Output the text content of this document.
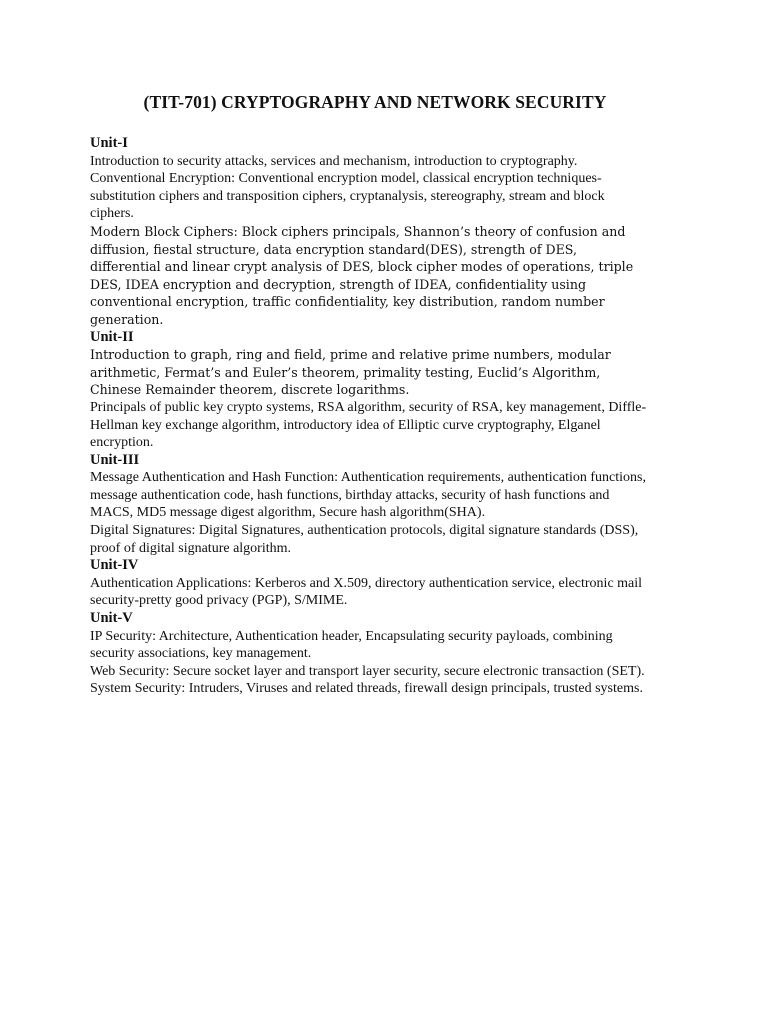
(TIT-701) CRYPTOGRAPHY AND NETWORK SECURITY
Unit-I
Introduction to security attacks, services and mechanism, introduction to cryptography.
Conventional Encryption: Conventional encryption model, classical encryption techniques- substitution ciphers and transposition ciphers, cryptanalysis, stereography, stream and block ciphers.
Modern Block Ciphers: Block ciphers principals, Shannon’s theory of confusion and diffusion, fiestal structure, data encryption standard(DES), strength of DES, differential and linear crypt analysis of DES, block cipher modes of operations, triple DES, IDEA encryption and decryption, strength of IDEA, confidentiality using conventional encryption, traffic confidentiality, key distribution, random number generation.
Unit-II
Introduction to graph, ring and field, prime and relative prime numbers, modular arithmetic, Fermat’s and Euler’s theorem, primality testing, Euclid’s Algorithm, Chinese Remainder theorem, discrete logarithms.
Principals of public key crypto systems, RSA algorithm, security of RSA, key management, Diffle-Hellman key exchange algorithm, introductory idea of Elliptic curve cryptography, Elganel encryption.
Unit-III
Message Authentication and Hash Function: Authentication requirements, authentication functions, message authentication code, hash functions, birthday attacks, security of hash functions and MACS, MD5 message digest algorithm, Secure hash algorithm(SHA).
Digital Signatures: Digital Signatures, authentication protocols, digital signature standards (DSS), proof of digital signature algorithm.
Unit-IV
Authentication Applications: Kerberos and X.509, directory authentication service, electronic mail security-pretty good privacy (PGP), S/MIME.
Unit-V
IP Security: Architecture, Authentication header, Encapsulating security payloads, combining security associations, key management.
Web Security: Secure socket layer and transport layer security, secure electronic transaction (SET).
System Security: Intruders, Viruses and related threads, firewall design principals, trusted systems.
